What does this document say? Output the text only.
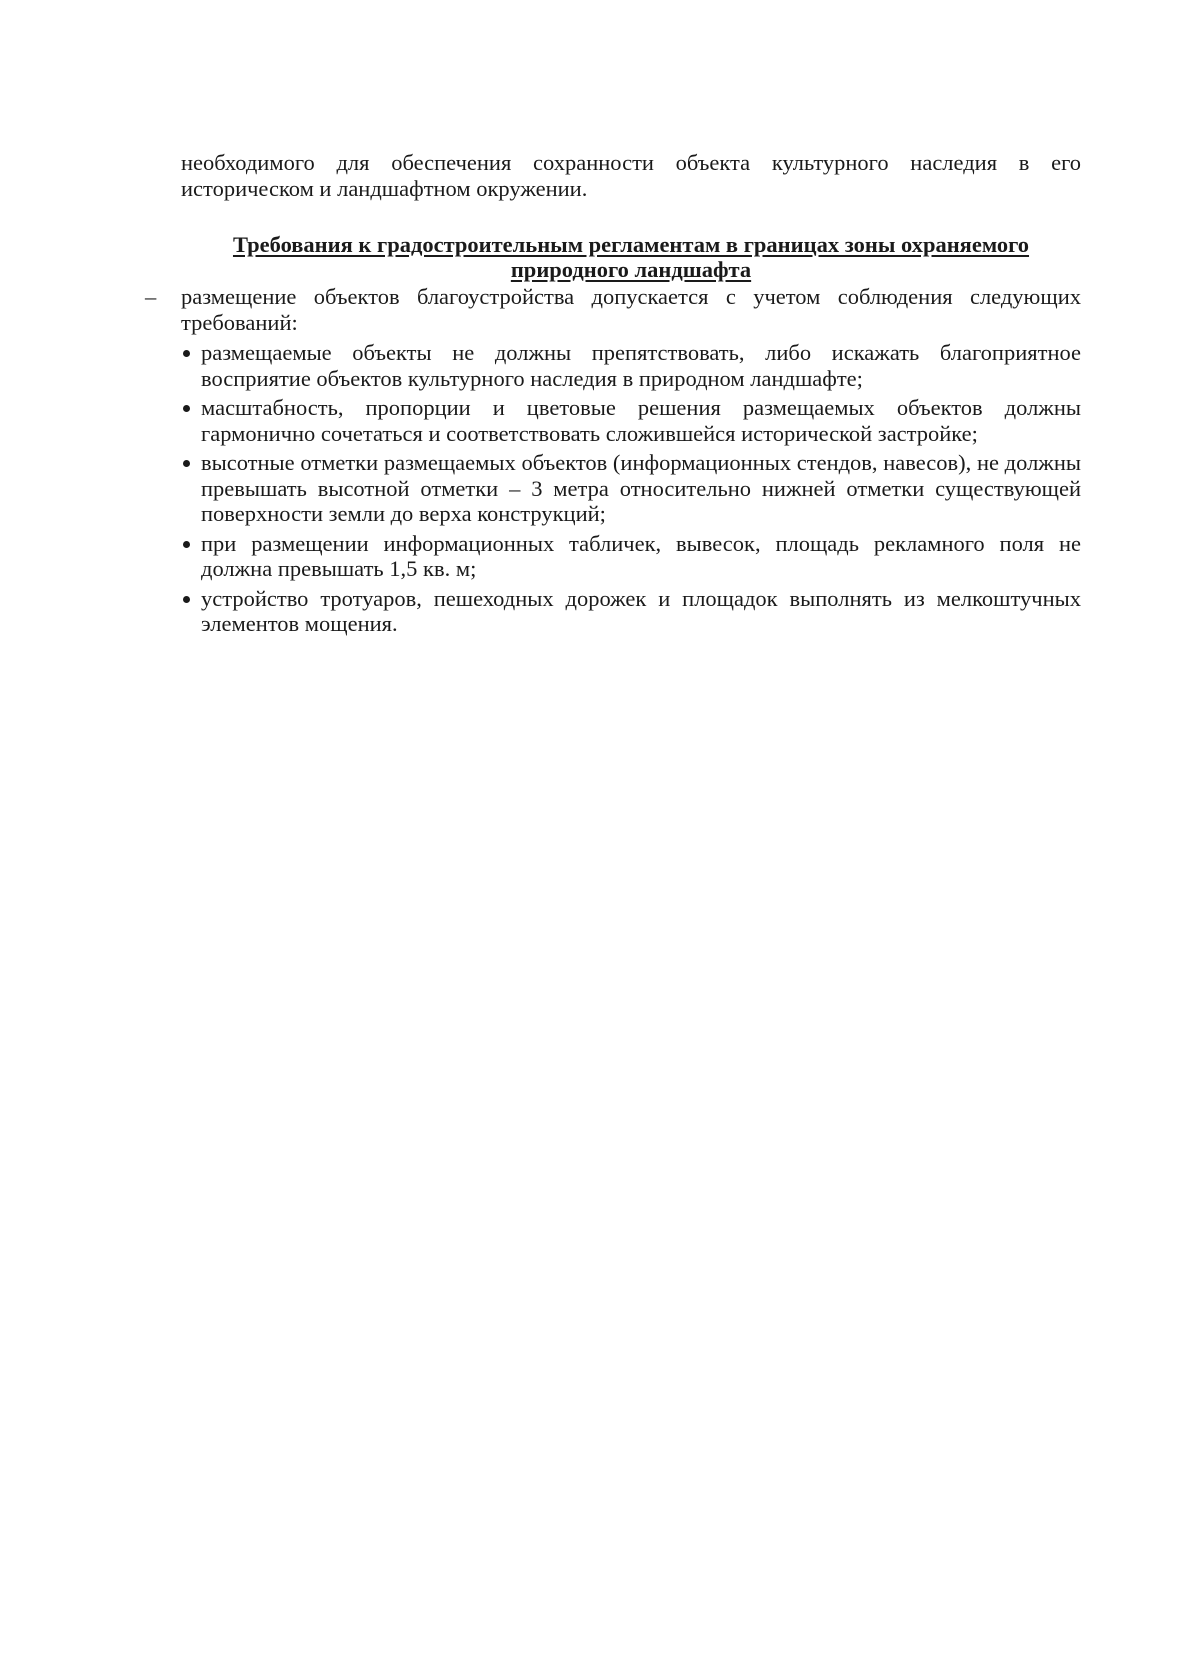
необходимого для обеспечения сохранности объекта культурного наследия в его историческом и ландшафтном окружении.

Требования к градостроительным регламентам в границах зоны охраняемого природного ландшафта
–	размещение объектов благоустройства допускается с учетом соблюдения следующих требований:

размещаемые объекты не должны препятствовать, либо искажать благоприятное восприятие объектов культурного наследия в природном ландшафте;
масштабность, пропорции и цветовые решения размещаемых объектов должны гармонично сочетаться и соответствовать сложившейся исторической застройке;
высотные отметки размещаемых объектов (информационных стендов, навесов), не должны превышать высотной отметки – 3 метра относительно нижней отметки существующей поверхности земли до верха конструкций;
при размещении информационных табличек, вывесок, площадь рекламного поля не должна превышать 1,5 кв. м;
устройство тротуаров, пешеходных дорожек и площадок выполнять из мелкоштучных элементов мощения.
